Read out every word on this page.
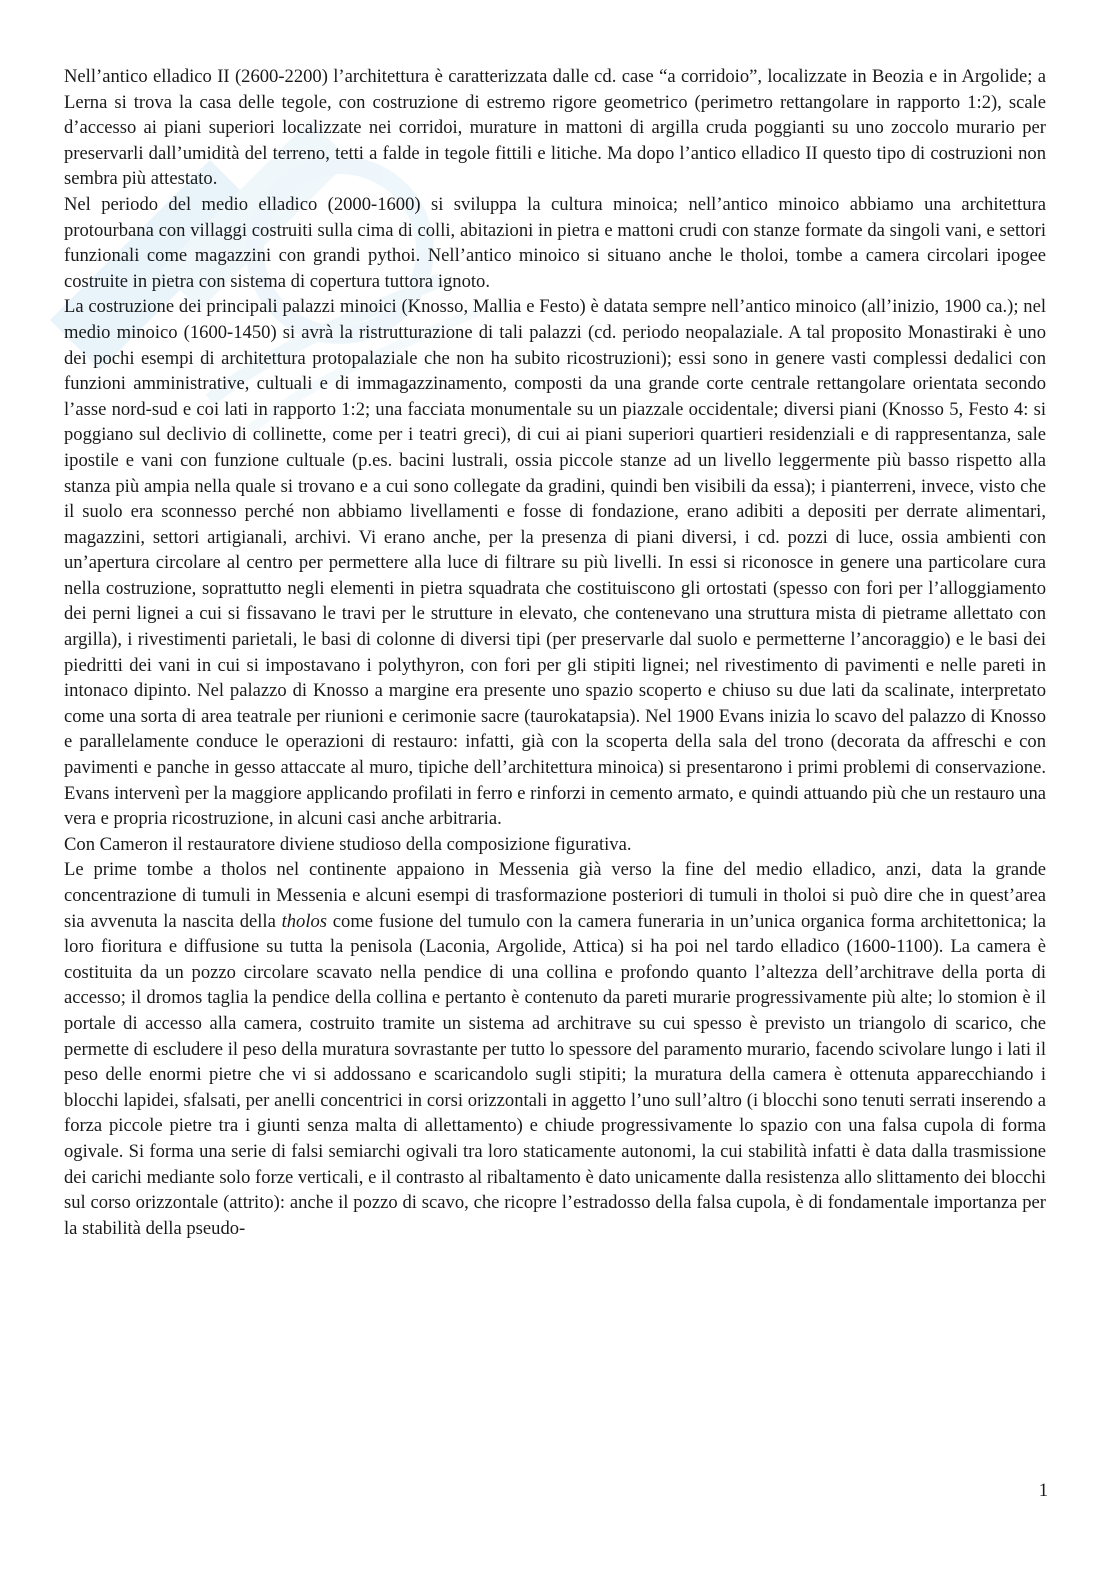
Nell’antico elladico II (2600-2200) l’architettura è caratterizzata dalle cd. case “a corridoio”, localizzate in Beozia e in Argolide; a Lerna si trova la casa delle tegole, con costruzione di estremo rigore geometrico (perimetro rettangolare in rapporto 1:2), scale d’accesso ai piani superiori localizzate nei corridoi, murature in mattoni di argilla cruda poggianti su uno zoccolo murario per preservarli dall’umidità del terreno, tetti a falde in tegole fittili e litiche. Ma dopo l’antico elladico II questo tipo di costruzioni non sembra più attestato.

Nel periodo del medio elladico (2000-1600) si sviluppa la cultura minoica; nell’antico minoico abbiamo una architettura protourbana con villaggi costruiti sulla cima di colli, abitazioni in pietra e mattoni crudi con stanze formate da singoli vani, e settori funzionali come magazzini con grandi pythoi. Nell’antico minoico si situano anche le tholoi, tombe a camera circolari ipogee costruite in pietra con sistema di copertura tuttora ignoto.

La costruzione dei principali palazzi minoici (Knosso, Mallia e Festo) è datata sempre nell’antico minoico (all’inizio, 1900 ca.); nel medio minoico (1600-1450) si avrà la ristrutturazione di tali palazzi (cd. periodo neopalaziale. A tal proposito Monastiraki è uno dei pochi esempi di architettura protopalaziale che non ha subito ricostruzioni); essi sono in genere vasti complessi dedalici con funzioni amministrative, cultuali e di immagazzinamento, composti da una grande corte centrale rettangolare orientata secondo l’asse nord-sud e coi lati in rapporto 1:2; una facciata monumentale su un piazzale occidentale; diversi piani (Knosso 5, Festo 4: si poggiano sul declivio di collinette, come per i teatri greci), di cui ai piani superiori quartieri residenziali e di rappresentanza, sale ipostile e vani con funzione cultuale (p.es. bacini lustrali, ossia piccole stanze ad un livello leggermente più basso rispetto alla stanza più ampia nella quale si trovano e a cui sono collegate da gradini, quindi ben visibili da essa); i pianterreni, invece, visto che il suolo era sconnesso perché non abbiamo livellamenti e fosse di fondazione, erano adibiti a depositi per derrate alimentari, magazzini, settori artigianali, archivi. Vi erano anche, per la presenza di piani diversi, i cd. pozzi di luce, ossia ambienti con un’apertura circolare al centro per permettere alla luce di filtrare su più livelli. In essi si riconosce in genere una particolare cura nella costruzione, soprattutto negli elementi in pietra squadrata che costituiscono gli ortostati (spesso con fori per l’alloggiamento dei perni lignei a cui si fissavano le travi per le strutture in elevato, che contenevano una struttura mista di pietrame allettato con argilla), i rivestimenti parietali, le basi di colonne di diversi tipi (per preservarle dal suolo e permetterne l’ancoraggio) e le basi dei piedritti dei vani in cui si impostavano i polythyron, con fori per gli stipiti lignei; nel rivestimento di pavimenti e nelle pareti in intonaco dipinto. Nel palazzo di Knosso a margine era presente uno spazio scoperto e chiuso su due lati da scalinate, interpretato come una sorta di area teatrale per riunioni e cerimonie sacre (taurokatapsia). Nel 1900 Evans inizia lo scavo del palazzo di Knosso e parallelamente conduce le operazioni di restauro: infatti, già con la scoperta della sala del trono (decorata da affreschi e con pavimenti e panche in gesso attaccate al muro, tipiche dell’architettura minoica) si presentarono i primi problemi di conservazione. Evans intervenì per la maggiore applicando profilati in ferro e rinforzi in cemento armato, e quindi attuando più che un restauro una vera e propria ricostruzione, in alcuni casi anche arbitraria.

Con Cameron il restauratore diviene studioso della composizione figurativa.

Le prime tombe a tholos nel continente appaiono in Messenia già verso la fine del medio elladico, anzi, data la grande concentrazione di tumuli in Messenia e alcuni esempi di trasformazione posteriori di tumuli in tholoi si può dire che in quest’area sia avvenuta la nascita della tholos come fusione del tumulo con la camera funeraria in un’unica organica forma architettonica; la loro fioritura e diffusione su tutta la penisola (Laconia, Argolide, Attica) si ha poi nel tardo elladico (1600-1100). La camera è costituita da un pozzo circolare scavato nella pendice di una collina e profondo quanto l’altezza dell’architrave della porta di accesso; il dromos taglia la pendice della collina e pertanto è contenuto da pareti murarie progressivamente più alte; lo stomion è il portale di accesso alla camera, costruito tramite un sistema ad architrave su cui spesso è previsto un triangolo di scarico, che permette di escludere il peso della muratura sovrastante per tutto lo spessore del paramento murario, facendo scivolare lungo i lati il peso delle enormi pietre che vi si addossano e scaricandolo sugli stipiti; la muratura della camera è ottenuta apparecchiando i blocchi lapidei, sfalsati, per anelli concentrici in corsi orizzontali in aggetto l’uno sull’altro (i blocchi sono tenuti serrati inserendo a forza piccole pietre tra i giunti senza malta di allettamento) e chiude progressivamente lo spazio con una falsa cupola di forma ogivale. Si forma una serie di falsi semiarchi ogivali tra loro staticamente autonomi, la cui stabilità infatti è data dalla trasmissione dei carichi mediante solo forze verticali, e il contrasto al ribaltamento è dato unicamente dalla resistenza allo slittamento dei blocchi sul corso orizzontale (attrito): anche il pozzo di scavo, che ricopre l’estradosso della falsa cupola, è di fondamentale importanza per la stabilità della pseudo-

1
